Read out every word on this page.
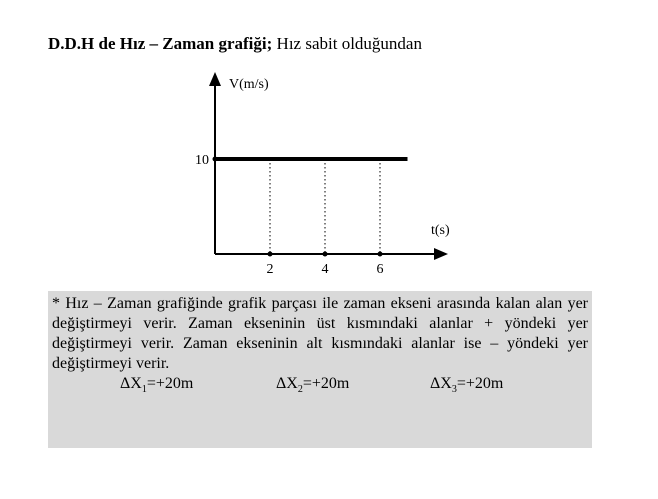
D.D.H de Hız – Zaman grafiği; Hız sabit olduğundan
2	4	6
10
V(m/s)
t(s)
* Hız – Zaman grafiğinde grafik parçası ile zaman ekseni arasında kalan alan yer değiştirmeyi verir. Zaman ekseninin üst kısmındaki alanlar + yöndeki yer değiştirmeyi verir. Zaman ekseninin alt kısmındaki alanlar ise – yöndeki yer değiştirmeyi verir.
$\Delta X_1=+20m$	$\Delta X_2=+20m$	$\Delta X_3=+20m$
